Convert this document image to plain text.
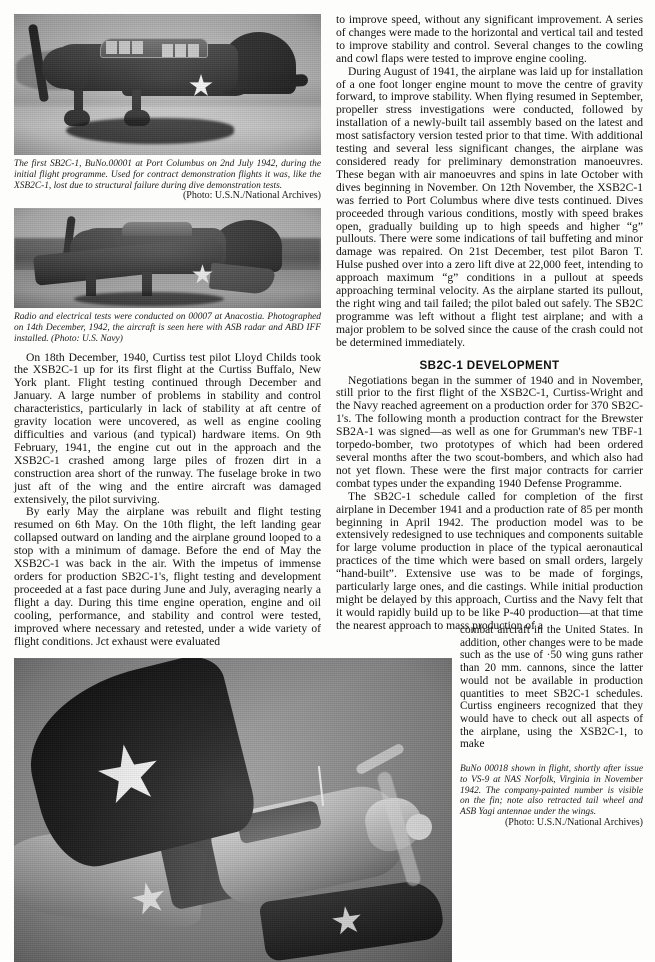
The first SB2C-1, BuNo.00001 at Port Columbus on 2nd July 1942, during the initial flight programme. Used for contract demonstration flights it was, like the XSB2C-1, lost due to structural failure during dive demonstration tests.
(Photo: U.S.N./National Archives)

Radio and electrical tests were conducted on 00007 at Anacostia. Photographed on 14th December, 1942, the aircraft is seen here with ASB radar and ABD IFF installed. (Photo: U.S. Navy)

On 18th December, 1940, Curtiss test pilot Lloyd Childs took the XSB2C-1 up for its first flight at the Curtiss Buffalo, New York plant. Flight testing continued through December and January. A large number of problems in stability and control characteristics, particularly in lack of stability at aft centre of gravity location were uncovered, as well as engine cooling difficulties and various (and typical) hardware items. On 9th February, 1941, the engine cut out in the approach and the XSB2C-1 crashed among large piles of frozen dirt in a construction area short of the runway. The fuselage broke in two just aft of the wing and the entire aircraft was damaged extensively, the pilot surviving.

By early May the airplane was rebuilt and flight testing resumed on 6th May. On the 10th flight, the left landing gear collapsed outward on landing and the airplane ground looped to a stop with a minimum of damage. Before the end of May the XSB2C-1 was back in the air. With the impetus of immense orders for production SB2C-1's, flight testing and development proceeded at a fast pace during June and July, averaging nearly a flight a day. During this time engine operation, engine and oil cooling, performance, and stability and control were tested, improved where necessary and retested, under a wide variety of flight conditions. Jct exhaust were evaluated

to improve speed, without any significant improvement. A series of changes were made to the horizontal and vertical tail and tested to improve stability and control. Several changes to the cowling and cowl flaps were tested to improve engine cooling.

During August of 1941, the airplane was laid up for installation of a one foot longer engine mount to move the centre of gravity forward, to improve stability. When flying resumed in September, propeller stress investigations were conducted, followed by installation of a newly-built tail assembly based on the latest and most satisfactory version tested prior to that time. With additional testing and several less significant changes, the airplane was considered ready for preliminary demonstration manoeuvres. These began with air manoeuvres and spins in late October with dives beginning in November. On 12th November, the XSB2C-1 was ferried to Port Columbus where dive tests continued. Dives proceeded through various conditions, mostly with speed brakes open, gradually building up to high speeds and higher “g” pullouts. There were some indications of tail buffeting and minor damage was repaired. On 21st December, test pilot Baron T. Hulse pushed over into a zero lift dive at 22,000 feet, intending to approach maximum “g” conditions in a pullout at speeds approaching terminal velocity. As the airplane started its pullout, the right wing and tail failed; the pilot baled out safely. The SB2C programme was left without a flight test airplane; and with a major problem to be solved since the cause of the crash could not be determined immediately.

SB2C-1 DEVELOPMENT

Negotiations began in the summer of 1940 and in November, still prior to the first flight of the XSB2C-1, Curtiss-Wright and the Navy reached agreement on a production order for 370 SB2C-1's. The following month a production contract for the Brewster SB2A-1 was signed—as well as one for Grumman's new TBF-1 torpedo-bomber, two prototypes of which had been ordered several months after the two scout-bombers, and which also had not yet flown. These were the first major contracts for carrier combat types under the expanding 1940 Defense Programme.

The SB2C-1 schedule called for completion of the first airplane in December 1941 and a production rate of 85 per month beginning in April 1942. The production model was to be extensively redesigned to use techniques and components suitable for large volume production in place of the typical aeronautical practices of the time which were based on small orders, largely “hand-built”. Extensive use was to be made of forgings, particularly large ones, and die castings. While initial production might be delayed by this approach, Curtiss and the Navy felt that it would rapidly build up to be like P-40 production—at that time the nearest approach to mass production of a

combat aircraft in the United States. In addition, other changes were to be made such as the use of ·50 wing guns rather than 20 mm. cannons, since the latter would not be available in production quantities to meet SB2C-1 schedules. Curtiss engineers recognized that they would have to check out all aspects of the airplane, using the XSB2C-1, to make

BuNo 00018 shown in flight, shortly after issue to VS-9 at NAS Norfolk, Virginia in November 1942. The company-painted number is visible on the fin; note also retracted tail wheel and ASB Yagi antennae under the wings.
(Photo: U.S.N./National Archives)
